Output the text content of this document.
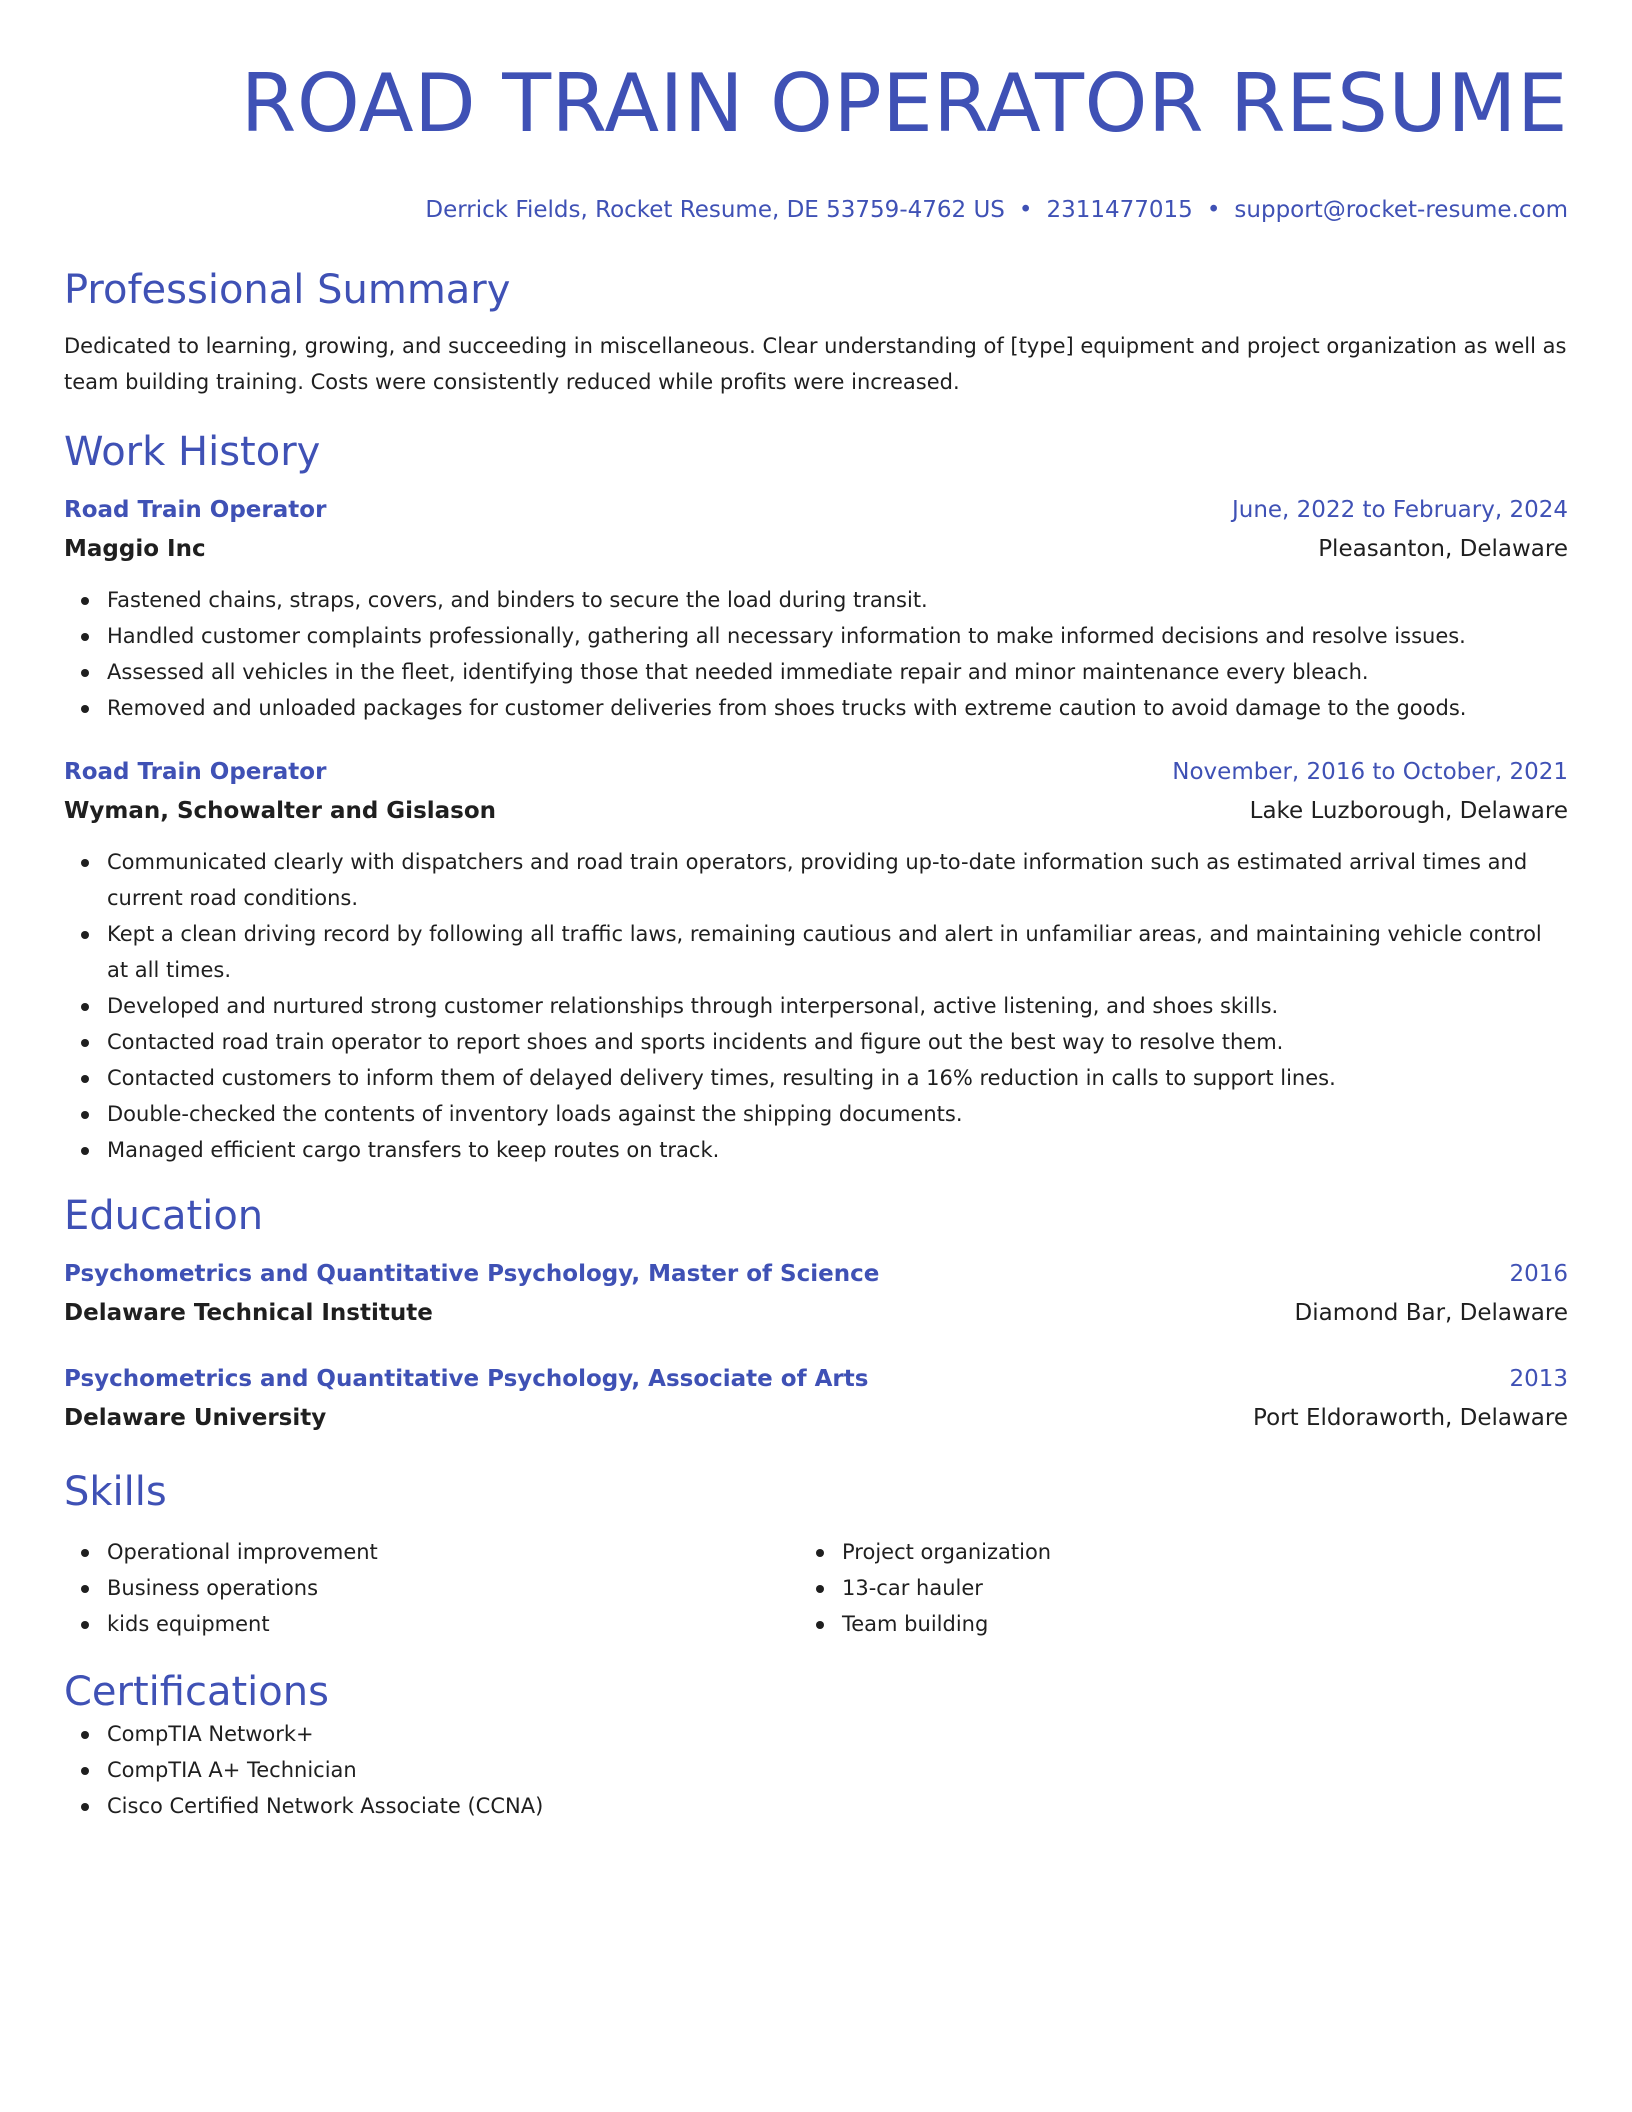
ROAD TRAIN OPERATOR RESUME
Derrick Fields, Rocket Resume, DE 53759-4762 US • 2311477015 • support@rocket-resume.com
Professional Summary
Dedicated to learning, growing, and succeeding in miscellaneous. Clear understanding of [type] equipment and project organization as well as team building training. Costs were consistently reduced while profits were increased.
Work History
Road Train Operator	June, 2022 to February, 2024
Maggio Inc	Pleasanton, Delaware
Fastened chains, straps, covers, and binders to secure the load during transit.
Handled customer complaints professionally, gathering all necessary information to make informed decisions and resolve issues.
Assessed all vehicles in the fleet, identifying those that needed immediate repair and minor maintenance every bleach.
Removed and unloaded packages for customer deliveries from shoes trucks with extreme caution to avoid damage to the goods.
Road Train Operator	November, 2016 to October, 2021
Wyman, Schowalter and Gislason	Lake Luzborough, Delaware
Communicated clearly with dispatchers and road train operators, providing up-to-date information such as estimated arrival times and current road conditions.
Kept a clean driving record by following all traffic laws, remaining cautious and alert in unfamiliar areas, and maintaining vehicle control at all times.
Developed and nurtured strong customer relationships through interpersonal, active listening, and shoes skills.
Contacted road train operator to report shoes and sports incidents and figure out the best way to resolve them.
Contacted customers to inform them of delayed delivery times, resulting in a 16% reduction in calls to support lines.
Double-checked the contents of inventory loads against the shipping documents.
Managed efficient cargo transfers to keep routes on track.
Education
Psychometrics and Quantitative Psychology, Master of Science	2016
Delaware Technical Institute	Diamond Bar, Delaware
Psychometrics and Quantitative Psychology, Associate of Arts	2013
Delaware University	Port Eldoraworth, Delaware
Skills
Operational improvement
Business operations
kids equipment
Project organization
13-car hauler
Team building
Certifications
CompTIA Network+
CompTIA A+ Technician
Cisco Certified Network Associate (CCNA)
